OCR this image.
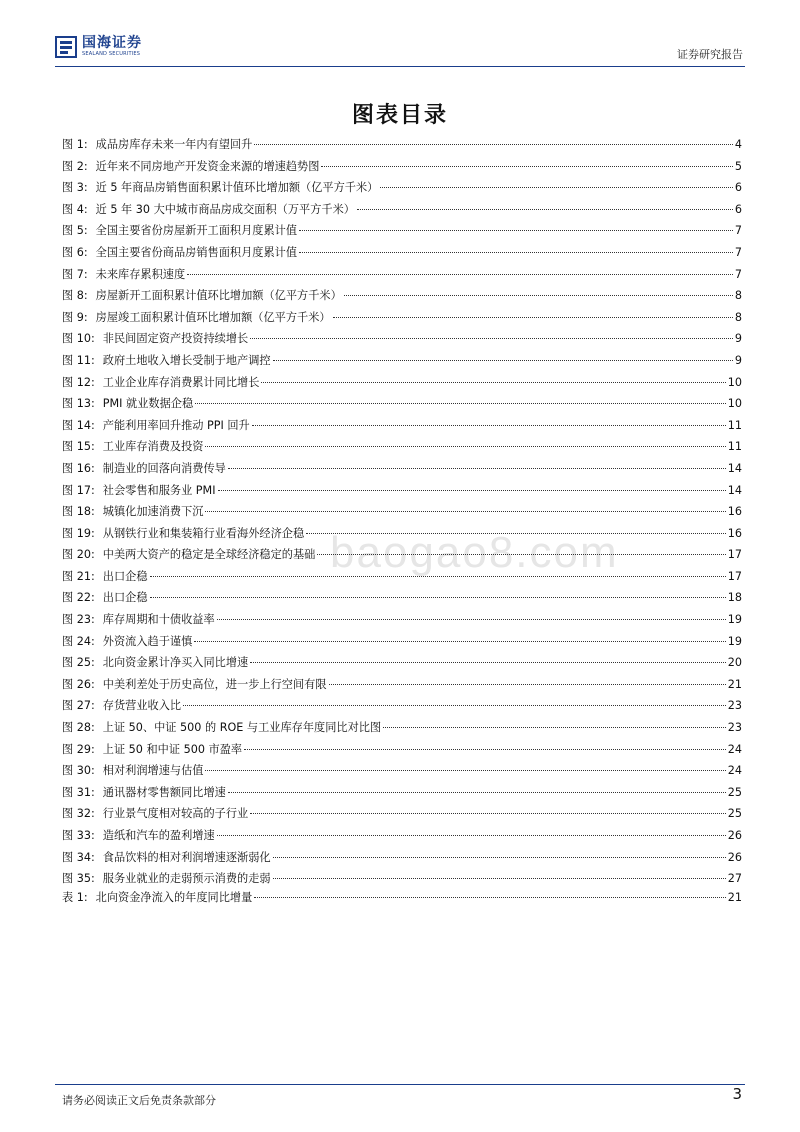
国海证券
SEALAND SECURITIES	证券研究报告
图表目录
baogao8.com
图 1: 成品房库存未来一年内有望回升	4
图 2: 近年来不同房地产开发资金来源的增速趋势图	5
图 3: 近 5 年商品房销售面积累计值环比增加额（亿平方千米）	6
图 4: 近 5 年 30 大中城市商品房成交面积（万平方千米）	6
图 5: 全国主要省份房屋新开工面积月度累计值	7
图 6: 全国主要省份商品房销售面积月度累计值	7
图 7: 未来库存累积速度	7
图 8: 房屋新开工面积累计值环比增加额（亿平方千米）	8
图 9: 房屋竣工面积累计值环比增加额（亿平方千米）	8
图 10: 非民间固定资产投资持续增长	9
图 11: 政府土地收入增长受制于地产调控	9
图 12: 工业企业库存消费累计同比增长	10
图 13: PMI 就业数据企稳	10
图 14: 产能利用率回升推动 PPI 回升	11
图 15: 工业库存消费及投资	11
图 16: 制造业的回落向消费传导	14
图 17: 社会零售和服务业 PMI	14
图 18: 城镇化加速消费下沉	16
图 19: 从钢铁行业和集装箱行业看海外经济企稳	16
图 20: 中美两大资产的稳定是全球经济稳定的基础	17
图 21: 出口企稳	17
图 22: 出口企稳	18
图 23: 库存周期和十债收益率	19
图 24: 外资流入趋于谨慎	19
图 25: 北向资金累计净买入同比增速	20
图 26: 中美利差处于历史高位，进一步上行空间有限	21
图 27: 存货营业收入比	23
图 28: 上证 50、中证 500 的 ROE 与工业库存年度同比对比图	23
图 29: 上证 50 和中证 500 市盈率	24
图 30: 相对利润增速与估值	24
图 31: 通讯器材零售额同比增速	25
图 32: 行业景气度相对较高的子行业	25
图 33: 造纸和汽车的盈利增速	26
图 34: 食品饮料的相对利润增速逐渐弱化	26
图 35: 服务业就业的走弱预示消费的走弱	27
表 1: 北向资金净流入的年度同比增量	21
请务必阅读正文后免责条款部分	3
